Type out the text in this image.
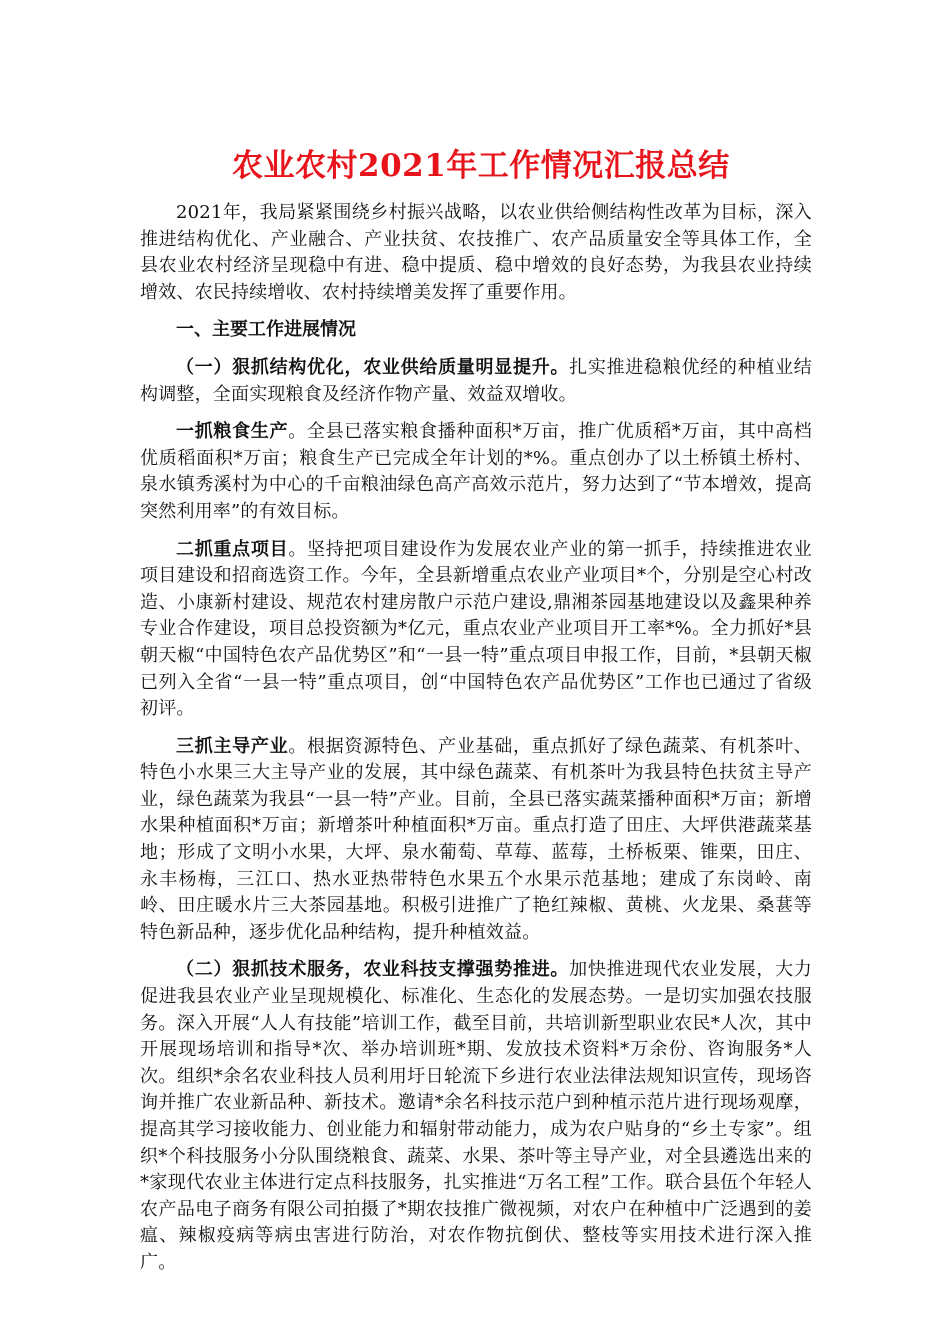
农业农村2021年工作情况汇报总结

2021年，我局紧紧围绕乡村振兴战略，以农业供给侧结构性改革为目标，深入推进结构优化、产业融合、产业扶贫、农技推广、农产品质量安全等具体工作，全县农业农村经济呈现稳中有进、稳中提质、稳中增效的良好态势，为我县农业持续增效、农民持续增收、农村持续增美发挥了重要作用。

一、主要工作进展情况

（一）狠抓结构优化，农业供给质量明显提升。扎实推进稳粮优经的种植业结构调整，全面实现粮食及经济作物产量、效益双增收。

一抓粮食生产。全县已落实粮食播种面积*万亩，推广优质稻*万亩，其中高档优质稻面积*万亩；粮食生产已完成全年计划的*%。重点创办了以土桥镇土桥村、泉水镇秀溪村为中心的千亩粮油绿色高产高效示范片，努力达到了“节本增效，提高突然利用率”的有效目标。

二抓重点项目。坚持把项目建设作为发展农业产业的第一抓手，持续推进农业项目建设和招商选资工作。今年，全县新增重点农业产业项目*个，分别是空心村改造、小康新村建设、规范农村建房散户示范户建设,鼎湘茶园基地建设以及鑫果种养专业合作建设，项目总投资额为*亿元，重点农业产业项目开工率*%。全力抓好*县朝天椒“中国特色农产品优势区”和“一县一特”重点项目申报工作，目前，*县朝天椒已列入全省“一县一特”重点项目，创“中国特色农产品优势区”工作也已通过了省级初评。

三抓主导产业。根据资源特色、产业基础，重点抓好了绿色蔬菜、有机茶叶、特色小水果三大主导产业的发展，其中绿色蔬菜、有机茶叶为我县特色扶贫主导产业，绿色蔬菜为我县“一县一特”产业。目前，全县已落实蔬菜播种面积*万亩；新增水果种植面积*万亩；新增茶叶种植面积*万亩。重点打造了田庄、大坪供港蔬菜基地；形成了文明小水果，大坪、泉水葡萄、草莓、蓝莓，土桥板栗、锥栗，田庄、永丰杨梅，三江口、热水亚热带特色水果五个水果示范基地；建成了东岗岭、南岭、田庄暖水片三大茶园基地。积极引进推广了艳红辣椒、黄桃、火龙果、桑葚等特色新品种，逐步优化品种结构，提升种植效益。

（二）狠抓技术服务，农业科技支撑强势推进。加快推进现代农业发展，大力促进我县农业产业呈现规模化、标准化、生态化的发展态势。一是切实加强农技服务。深入开展“人人有技能”培训工作，截至目前，共培训新型职业农民*人次，其中开展现场培训和指导*次、举办培训班*期、发放技术资料*万余份、咨询服务*人次。组织*余名农业科技人员利用圩日轮流下乡进行农业法律法规知识宣传，现场咨询并推广农业新品种、新技术。邀请*余名科技示范户到种植示范片进行现场观摩，提高其学习接收能力、创业能力和辐射带动能力，成为农户贴身的“乡土专家”。组织*个科技服务小分队围绕粮食、蔬菜、水果、茶叶等主导产业，对全县遴选出来的*家现代农业主体进行定点科技服务，扎实推进“万名工程”工作。联合县伍个年轻人农产品电子商务有限公司拍摄了*期农技推广微视频，对农户在种植中广泛遇到的姜瘟、辣椒疫病等病虫害进行防治，对农作物抗倒伏、整枝等实用技术进行深入推广。
